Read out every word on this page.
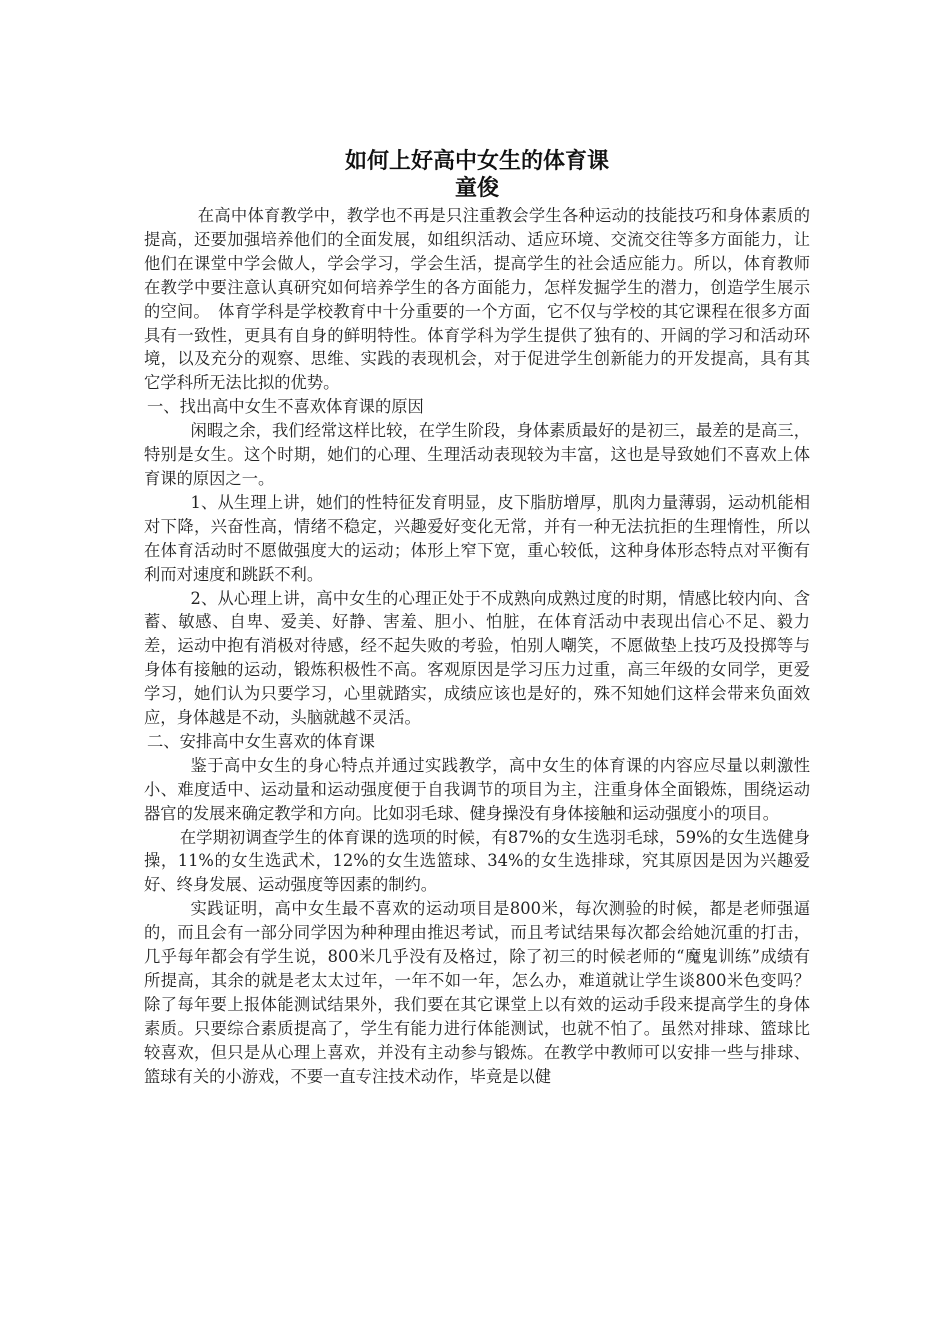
如何上好高中女生的体育课
童俊

在高中体育教学中，教学也不再是只注重教会学生各种运动的技能技巧和身体素质的提高，还要加强培养他们的全面发展，如组织活动、适应环境、交流交往等多方面能力，让他们在课堂中学会做人，学会学习，学会生活，提高学生的社会适应能力。所以，体育教师在教学中要注意认真研究如何培养学生的各方面能力，怎样发掘学生的潜力，创造学生展示的空间。　体育学科是学校教育中十分重要的一个方面，它不仅与学校的其它课程在很多方面具有一致性，更具有自身的鲜明特性。体育学科为学生提供了独有的、开阔的学习和活动环境，以及充分的观察、思维、实践的表现机会，对于促进学生创新能力的开发提高，具有其它学科所无法比拟的优势。

一、找出高中女生不喜欢体育课的原因

闲暇之余，我们经常这样比较，在学生阶段，身体素质最好的是初三，最差的是高三，特别是女生。这个时期，她们的心理、生理活动表现较为丰富，这也是导致她们不喜欢上体育课的原因之一。

1、从生理上讲，她们的性特征发育明显，皮下脂肪增厚，肌肉力量薄弱，运动机能相对下降，兴奋性高，情绪不稳定，兴趣爱好变化无常，并有一种无法抗拒的生理惰性，所以在体育活动时不愿做强度大的运动；体形上窄下宽，重心较低，这种身体形态特点对平衡有利而对速度和跳跃不利。

2、从心理上讲，高中女生的心理正处于不成熟向成熟过度的时期，情感比较内向、含蓄、敏感、自卑、爱美、好静、害羞、胆小、怕脏，在体育活动中表现出信心不足、毅力差，运动中抱有消极对待感，经不起失败的考验，怕别人嘲笑，不愿做垫上技巧及投掷等与身体有接触的运动，锻炼积极性不高。客观原因是学习压力过重，高三年级的女同学，更爱学习，她们认为只要学习，心里就踏实，成绩应该也是好的，殊不知她们这样会带来负面效应，身体越是不动，头脑就越不灵活。

二、安排高中女生喜欢的体育课

鉴于高中女生的身心特点并通过实践教学，高中女生的体育课的内容应尽量以刺激性小、难度适中、运动量和运动强度便于自我调节的项目为主，注重身体全面锻炼，围绕运动器官的发展来确定教学和方向。比如羽毛球、健身操没有身体接触和运动强度小的项目。

在学期初调查学生的体育课的选项的时候，有87%的女生选羽毛球，59%的女生选健身操，11%的女生选武术，12%的女生选篮球、34%的女生选排球，究其原因是因为兴趣爱好、终身发展、运动强度等因素的制约。

实践证明，高中女生最不喜欢的运动项目是800米，每次测验的时候，都是老师强逼的，而且会有一部分同学因为种种理由推迟考试，而且考试结果每次都会给她沉重的打击，几乎每年都会有学生说，800米几乎没有及格过，除了初三的时候老师的“魔鬼训练”成绩有所提高，其余的就是老太太过年，一年不如一年，怎么办，难道就让学生谈800米色变吗？除了每年要上报体能测试结果外，我们要在其它课堂上以有效的运动手段来提高学生的身体素质。只要综合素质提高了，学生有能力进行体能测试，也就不怕了。虽然对排球、篮球比较喜欢，但只是从心理上喜欢，并没有主动参与锻炼。在教学中教师可以安排一些与排球、篮球有关的小游戏，不要一直专注技术动作，毕竟是以健
